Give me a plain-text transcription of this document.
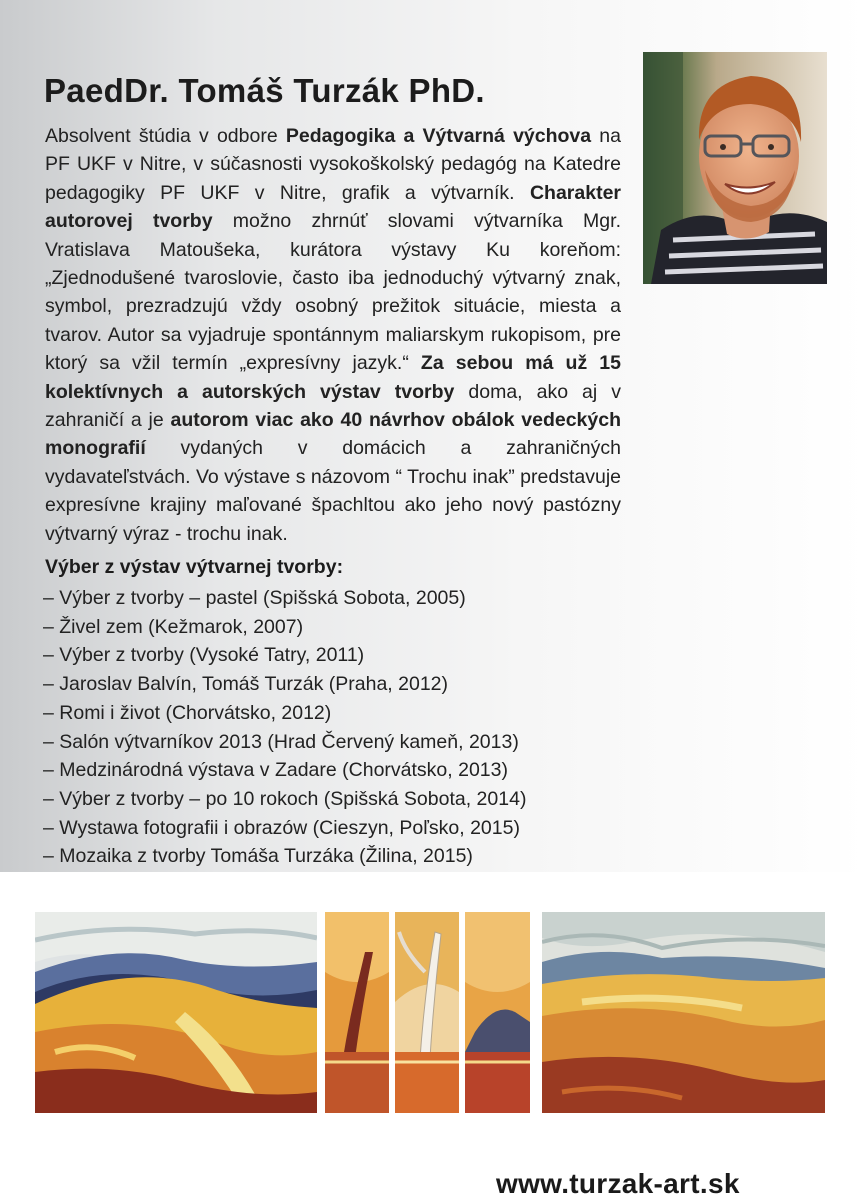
PaedDr. Tomáš Turzák PhD.
Absolvent štúdia v odbore Pedagogika a Výtvarná výchova na PF UKF v Nitre, v súčasnosti vysokoškolský pedagóg na Katedre pedagogiky PF UKF v Nitre, grafik a výtvarník. Charakter autorovej tvorby možno zhrnúť slovami výtvarníka Mgr. Vratislava Matoušeka, kurátora výstavy Ku koreňom: „Zjednodušené tvaroslovie, často iba jednoduchý výtvarný znak, symbol, prezradzujú vždy osobný prežitok situácie, miesta a tvarov. Autor sa vyjadruje spontánnym maliarskym rukopisom, pre ktorý sa vžil termín „expresívny jazyk.“ Za sebou má už 15 kolektívnych a autorských výstav tvorby doma, ako aj v zahraničí a je autorom viac ako 40 návrhov obálok vedeckých monografií vydaných v domácich a zahraničných vydavateľstvách. Vo výstave s názovom “ Trochu inak” predstavuje expresívne krajiny maľované špachltou ako jeho nový pastózny výtvarný výraz - trochu inak.
Výber z výstav výtvarnej tvorby:
– Výber z tvorby – pastel (Spišská Sobota, 2005)
– Živel zem (Kežmarok, 2007)
– Výber z tvorby (Vysoké Tatry, 2011)
– Jaroslav Balvín, Tomáš Turzák (Praha, 2012)
– Romi i život (Chorvátsko, 2012)
– Salón výtvarníkov 2013 (Hrad Červený kameň, 2013)
– Medzinárodná výstava v Zadare (Chorvátsko, 2013)
– Výber z tvorby – po 10 rokoch (Spišská Sobota, 2014)
– Wystawa fotografii i obrazów (Cieszyn, Poľsko, 2015)
– Mozaika z tvorby Tomáša Turzáka (Žilina, 2015)

www.turzak-art.sk
